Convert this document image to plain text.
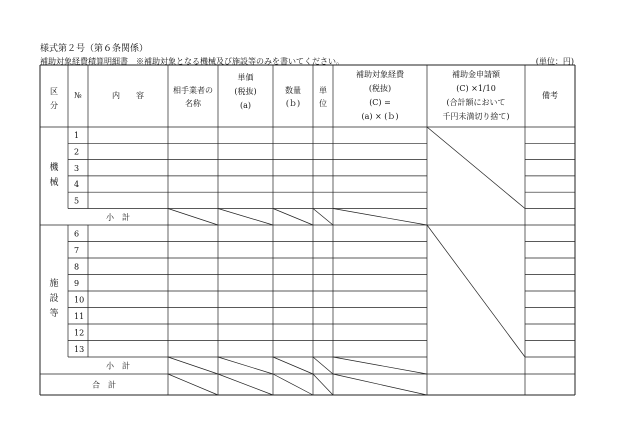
様式第２号（第６条関係）
補助対象経費積算明細書　※補助対象となる機械及び施設等のみを書いてください。	(単位：円)
区
分
№	内　　容
相手業者の
名称
単価
(税抜)
(a)
数量
(ｂ)
単
位
補助対象経費
(税抜)
(C) =
(a) × (ｂ)
補助金申請額
(C) ×1/10
(合計額において
千円未満切り捨て)
備考
1
2
3
4
5
6
7
8
9
10
11
12
13
小　計
小　計
合　計
機
械
施
設
等
